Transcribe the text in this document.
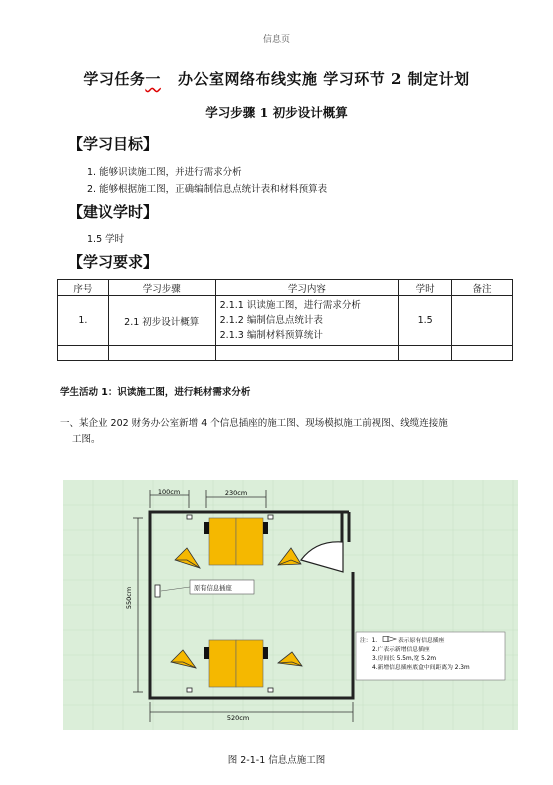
信息页
学习任务一 办公室网络布线实施 学习环节 2 制定计划
学习步骤 1 初步设计概算
【学习目标】
1. 能够识读施工图，并进行需求分析
2. 能够根据施工图，正确编制信息点统计表和材料预算表
【建议学时】
1.5 学时
【学习要求】
序号	学习步骤	学习内容	学时	备注
1.	2.1 初步设计概算	2.1.1 识读施工图，进行需求分析
2.1.2 编制信息点统计表
2.1.3 编制材料预算统计	1.5	

学生活动 1：识读施工图，进行耗材需求分析
一、某企业 202 财务办公室新增 4 个信息插座的施工图、现场模拟施工前视图、线缆连接施
工图。
100cm	230cm
550cm
520cm
原有信息插座
注：1.	表示原有信息插座
2.广表示新增信息插座
3.房间长 5.5m,宽 5.2m
4.新增信息插座底盒中间距离为 2.3m
图 2-1-1 信息点施工图
